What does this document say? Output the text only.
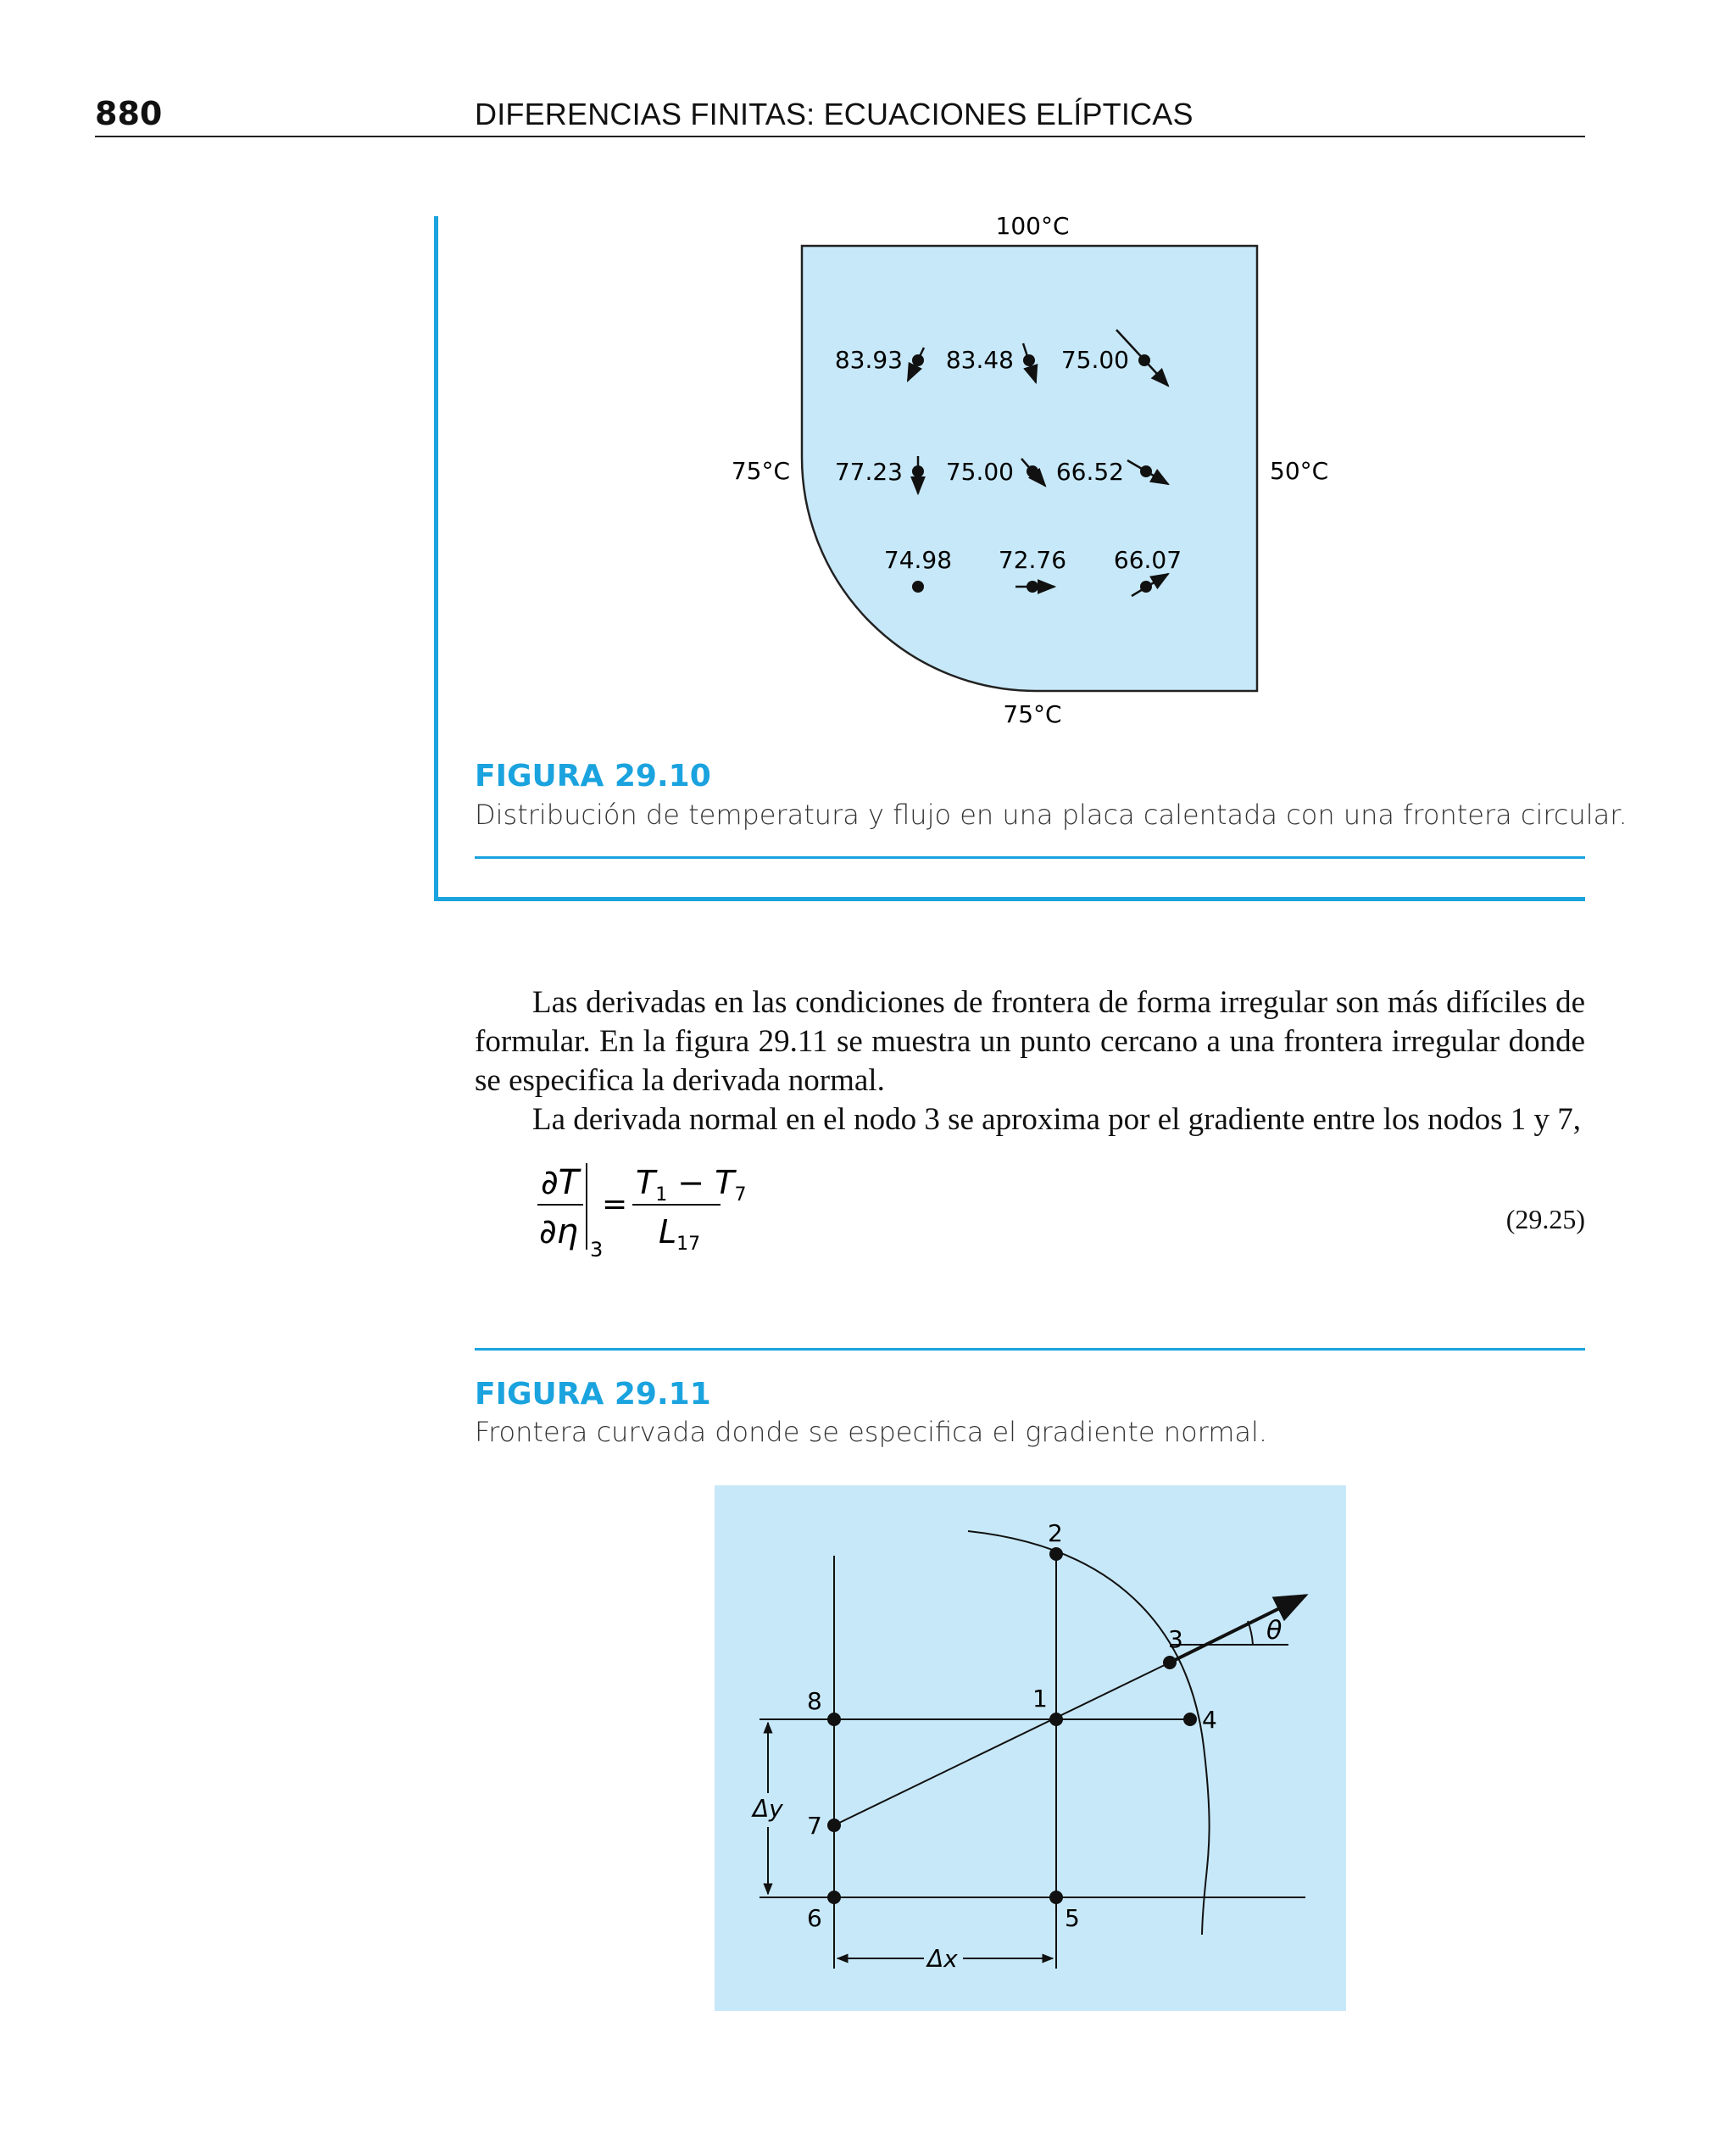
880	DIFERENCIAS FINITAS: ECUACIONES ELÍPTICAS
100°C
75°C	50°C
75°C
83.93 83.48 75.00
77.23 75.00 66.52
74.98 72.76 66.07
FIGURA 29.10
Distribución de temperatura y flujo en una placa calentada con una frontera circular.

Las derivadas en las condiciones de frontera de forma irregular son más difíciles de formular. En la figura 29.11 se muestra un punto cercano a una frontera irregular donde se especifica la derivada normal.

La derivada normal en el nodo 3 se aproxima por el gradiente entre los nodos 1 y 7,

∂T
∂η 3
=
$T_1 - T_7$
$L_{17}$
(29.25)
FIGURA 29.11
Frontera curvada donde se especifica el gradiente normal.
θ
1
2
3
4
5
6
7
8
Δy
Δx
